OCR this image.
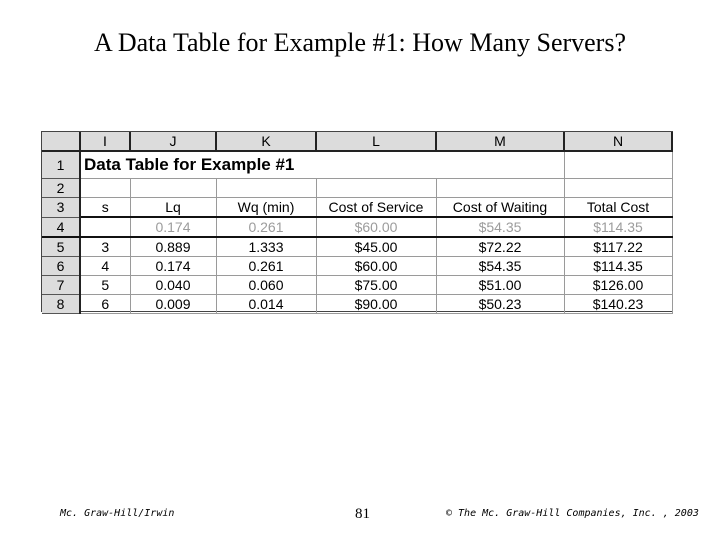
A Data Table for Example #1: How Many Servers?
	I	J	K	L	M	N
1	Data Table for Example #1					
2						
3	s	Lq	Wq (min)	Cost of Service	Cost of Waiting	Total Cost
4		0.174	0.261	$60.00	$54.35	$114.35
5	3	0.889	1.333	$45.00	$72.22	$117.22
6	4	0.174	0.261	$60.00	$54.35	$114.35
7	5	0.040	0.060	$75.00	$51.00	$126.00
8	6	0.009	0.014	$90.00	$50.23	$140.23
Mc. Graw-Hill/Irwin	81	© The Mc. Graw-Hill Companies, Inc. , 2003
